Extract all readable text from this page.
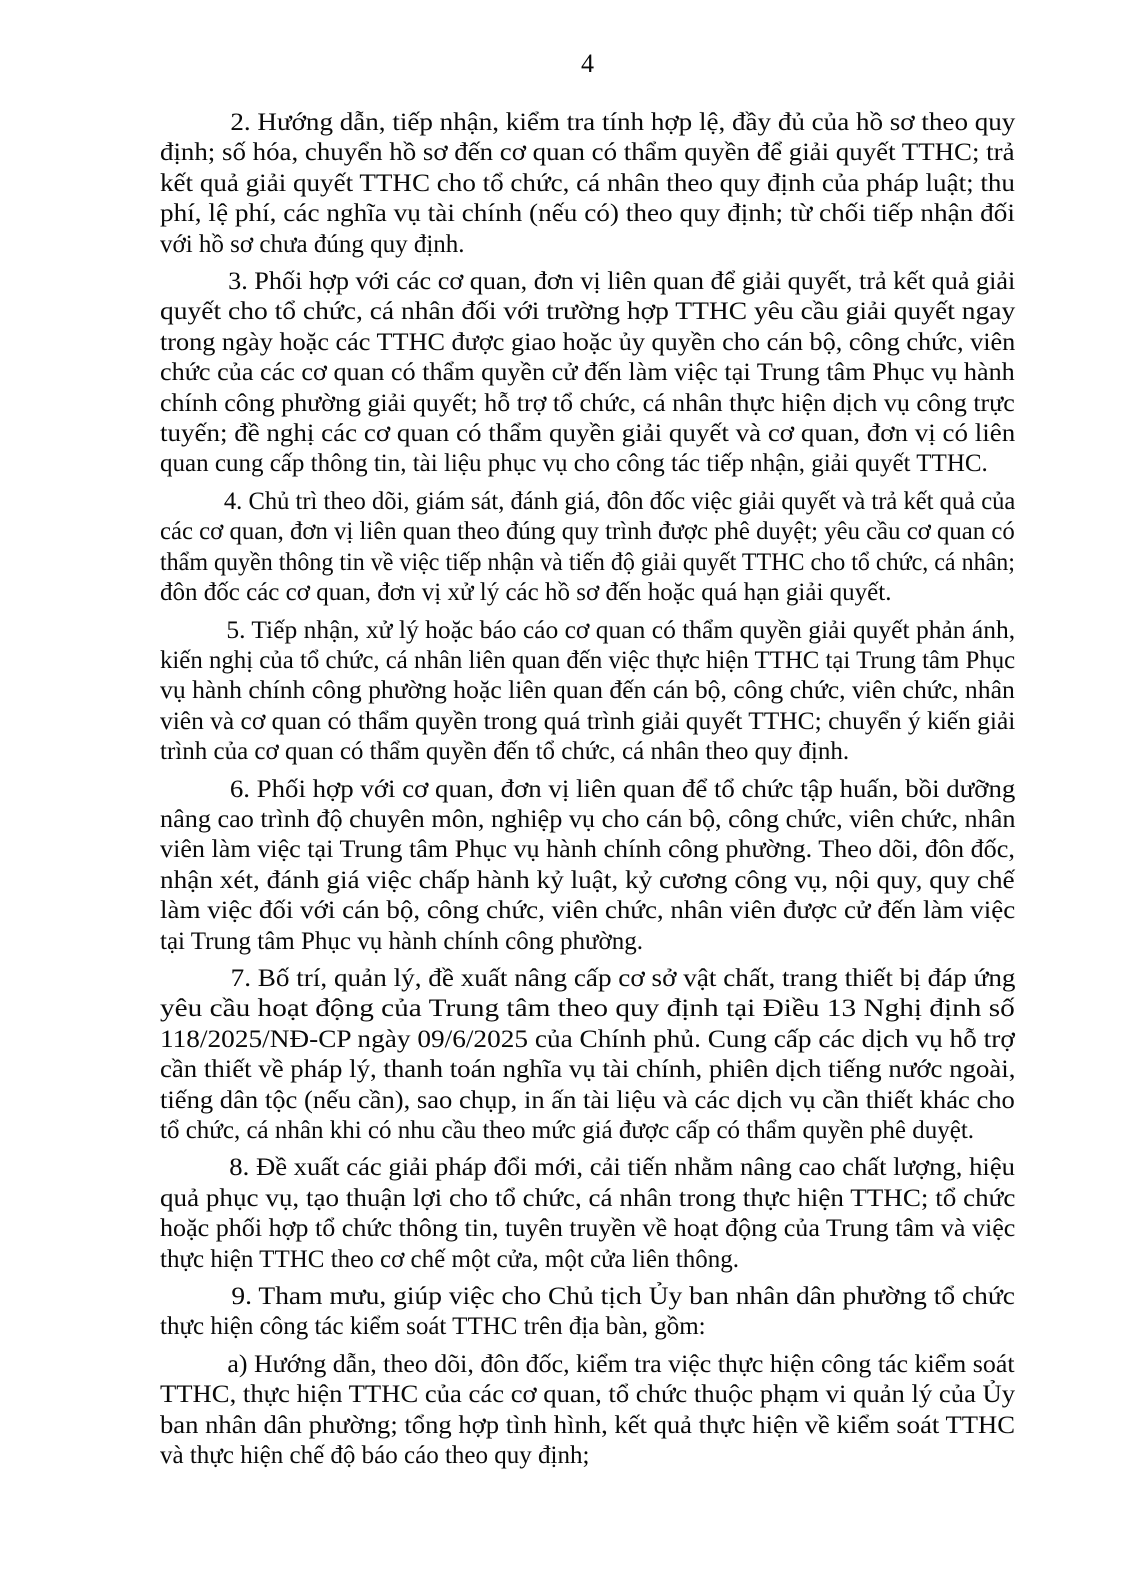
4

2. Hướng dẫn, tiếp nhận, kiểm tra tính hợp lệ, đầy đủ của hồ sơ theo quy
định; số hóa, chuyển hồ sơ đến cơ quan có thẩm quyền để giải quyết TTHC; trả
kết quả giải quyết TTHC cho tổ chức, cá nhân theo quy định của pháp luật; thu
phí, lệ phí, các nghĩa vụ tài chính (nếu có) theo quy định; từ chối tiếp nhận đối
với hồ sơ chưa đúng quy định.

3. Phối hợp với các cơ quan, đơn vị liên quan để giải quyết, trả kết quả giải
quyết cho tổ chức, cá nhân đối với trường hợp TTHC yêu cầu giải quyết ngay
trong ngày hoặc các TTHC được giao hoặc ủy quyền cho cán bộ, công chức, viên
chức của các cơ quan có thẩm quyền cử đến làm việc tại Trung tâm Phục vụ hành
chính công phường giải quyết; hỗ trợ tổ chức, cá nhân thực hiện dịch vụ công trực
tuyến; đề nghị các cơ quan có thẩm quyền giải quyết và cơ quan, đơn vị có liên
quan cung cấp thông tin, tài liệu phục vụ cho công tác tiếp nhận, giải quyết TTHC.

4. Chủ trì theo dõi, giám sát, đánh giá, đôn đốc việc giải quyết và trả kết quả của
các cơ quan, đơn vị liên quan theo đúng quy trình được phê duyệt; yêu cầu cơ quan có
thẩm quyền thông tin về việc tiếp nhận và tiến độ giải quyết TTHC cho tổ chức, cá nhân;
đôn đốc các cơ quan, đơn vị xử lý các hồ sơ đến hoặc quá hạn giải quyết.

5. Tiếp nhận, xử lý hoặc báo cáo cơ quan có thẩm quyền giải quyết phản ánh,
kiến nghị của tổ chức, cá nhân liên quan đến việc thực hiện TTHC tại Trung tâm Phục
vụ hành chính công phường hoặc liên quan đến cán bộ, công chức, viên chức, nhân
viên và cơ quan có thẩm quyền trong quá trình giải quyết TTHC; chuyển ý kiến giải
trình của cơ quan có thẩm quyền đến tổ chức, cá nhân theo quy định.

6. Phối hợp với cơ quan, đơn vị liên quan để tổ chức tập huấn, bồi dưỡng
nâng cao trình độ chuyên môn, nghiệp vụ cho cán bộ, công chức, viên chức, nhân
viên làm việc tại Trung tâm Phục vụ hành chính công phường. Theo dõi, đôn đốc,
nhận xét, đánh giá việc chấp hành kỷ luật, kỷ cương công vụ, nội quy, quy chế
làm việc đối với cán bộ, công chức, viên chức, nhân viên được cử đến làm việc
tại Trung tâm Phục vụ hành chính công phường.

7. Bố trí, quản lý, đề xuất nâng cấp cơ sở vật chất, trang thiết bị đáp ứng
yêu cầu hoạt động của Trung tâm theo quy định tại Điều 13 Nghị định số
118/2025/NĐ-CP ngày 09/6/2025 của Chính phủ. Cung cấp các dịch vụ hỗ trợ
cần thiết về pháp lý, thanh toán nghĩa vụ tài chính, phiên dịch tiếng nước ngoài,
tiếng dân tộc (nếu cần), sao chụp, in ấn tài liệu và các dịch vụ cần thiết khác cho
tổ chức, cá nhân khi có nhu cầu theo mức giá được cấp có thẩm quyền phê duyệt.

8. Đề xuất các giải pháp đổi mới, cải tiến nhằm nâng cao chất lượng, hiệu
quả phục vụ, tạo thuận lợi cho tổ chức, cá nhân trong thực hiện TTHC; tổ chức
hoặc phối hợp tổ chức thông tin, tuyên truyền về hoạt động của Trung tâm và việc
thực hiện TTHC theo cơ chế một cửa, một cửa liên thông.

9. Tham mưu, giúp việc cho Chủ tịch Ủy ban nhân dân phường tổ chức
thực hiện công tác kiểm soát TTHC trên địa bàn, gồm:

a) Hướng dẫn, theo dõi, đôn đốc, kiểm tra việc thực hiện công tác kiểm soát
TTHC, thực hiện TTHC của các cơ quan, tổ chức thuộc phạm vi quản lý của Ủy
ban nhân dân phường; tổng hợp tình hình, kết quả thực hiện về kiểm soát TTHC
và thực hiện chế độ báo cáo theo quy định;
